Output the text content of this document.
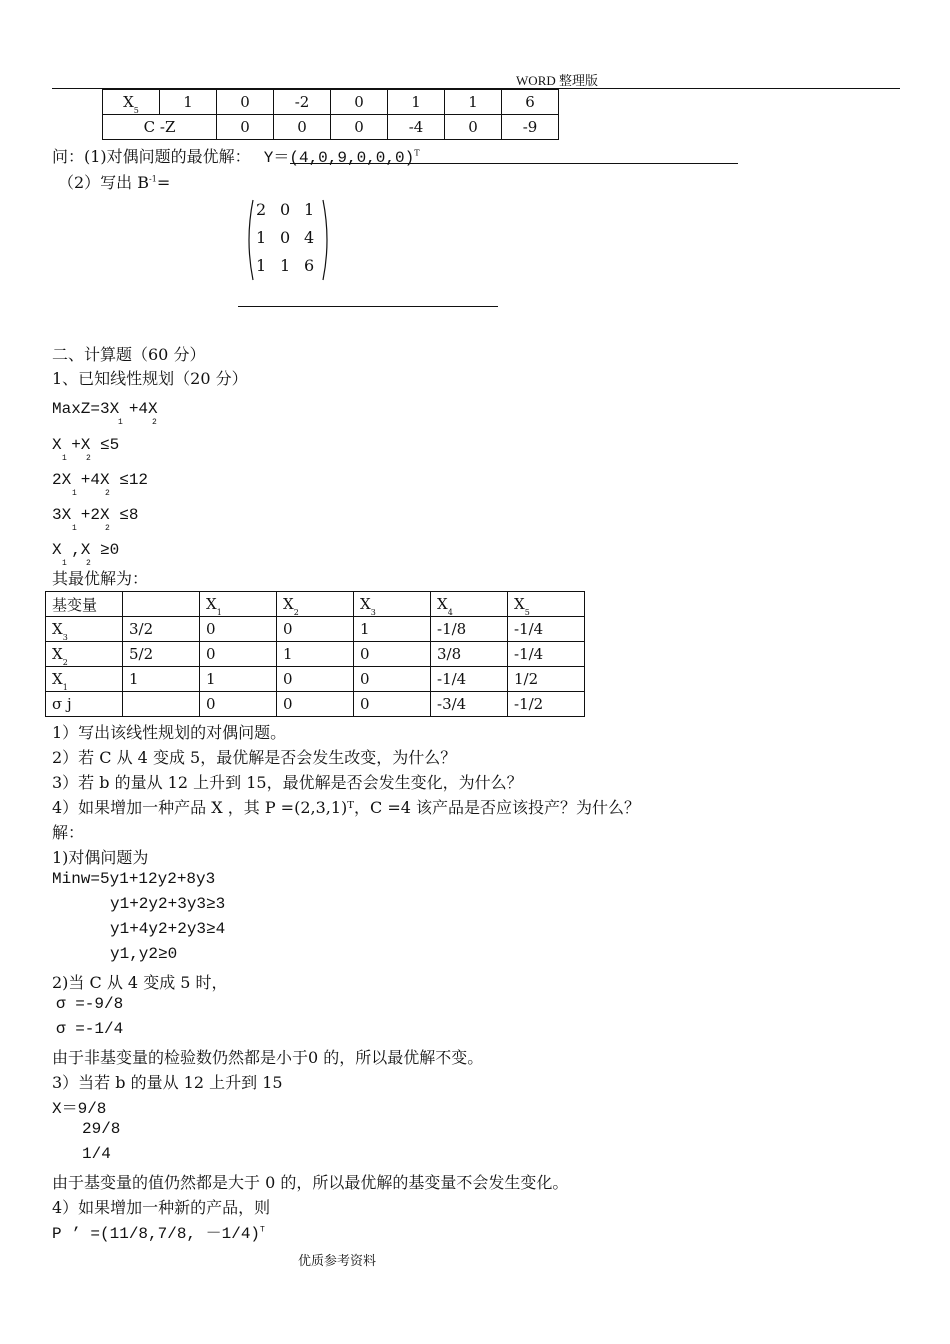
WORD 整理版
$X_5$	1	0	-2	0	1	1	6
C -Z		0	0	0	-4	0	-9
问：(1)对偶问题的最优解： $Y=(4,0,9,0,0,0)^T$
（2）写出 $B^{-1}=$
2 0 1
1 0 4
1 1 6
二、计算题（60 分）
1、已知线性规划（20 分）
MaxZ=3X +4X
1	2
X +X ≤5
1 2
2X +4X ≤12
1	2
3X +2X ≤8
1	2
X ,X ≥0
1 2
其最优解为：
基变量		$X_1$	$X_2$	$X_3$	$X_4$	$X_5$
$X_3$	3/2	0	0	1	-1/8	-1/4
$X_2$	5/2	0	1	0	3/8	-1/4
$X_1$	1	1	0	0	-1/4	1/2
σ j		0	0	0	-3/4	-1/2
1）写出该线性规划的对偶问题。
2）若 C 从 4 变成 5，最优解是否会发生改变，为什么？
3）若 b 的量从 12 上升到 15，最优解是否会发生变化，为什么？
4）如果增加一种产品 X ，其 P =(2,3,1)ᵀ，C =4 该产品是否应该投产？为什么？
解：
1)对偶问题为
Minw=5y1+12y2+8y3
y1+2y2+3y3≥3
y1+4y2+2y3≥4
y1,y2≥0
2)当 C 从 4 变成 5 时，
σ =-9/8
σ =-1/4
由于非基变量的检验数仍然都是小于0 的，所以最优解不变。
3）当若 b 的量从 12 上升到 15
X＝9/8
29/8
1/4
由于基变量的值仍然都是大于 0 的，所以最优解的基变量不会发生变化。
4）如果增加一种新的产品，则
P ’ =(11/8,7/8, －1/4)$^T$
优质参考资料
